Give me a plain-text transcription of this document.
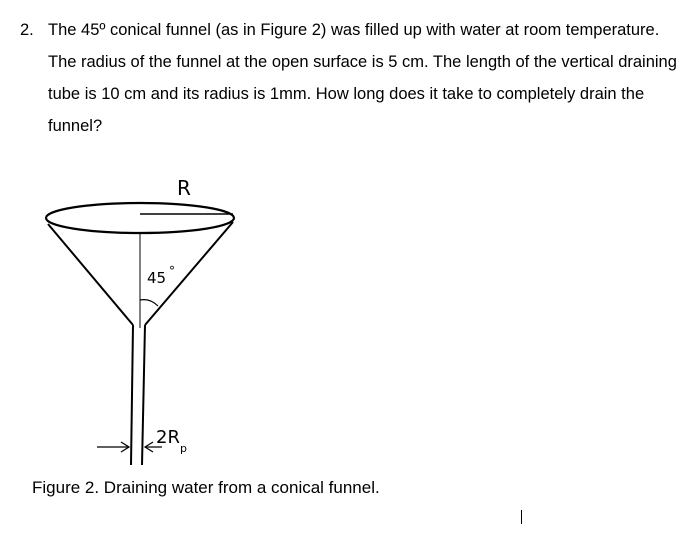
2. The 45º conical funnel (as in Figure 2) was filled up with water at room temperature. The radius of the funnel at the open surface is 5 cm. The length of the vertical draining tube is 10 cm and its radius is 1mm. How long does it take to completely drain the funnel?
R
45 °
2R
p
Figure 2. Draining water from a conical funnel.
